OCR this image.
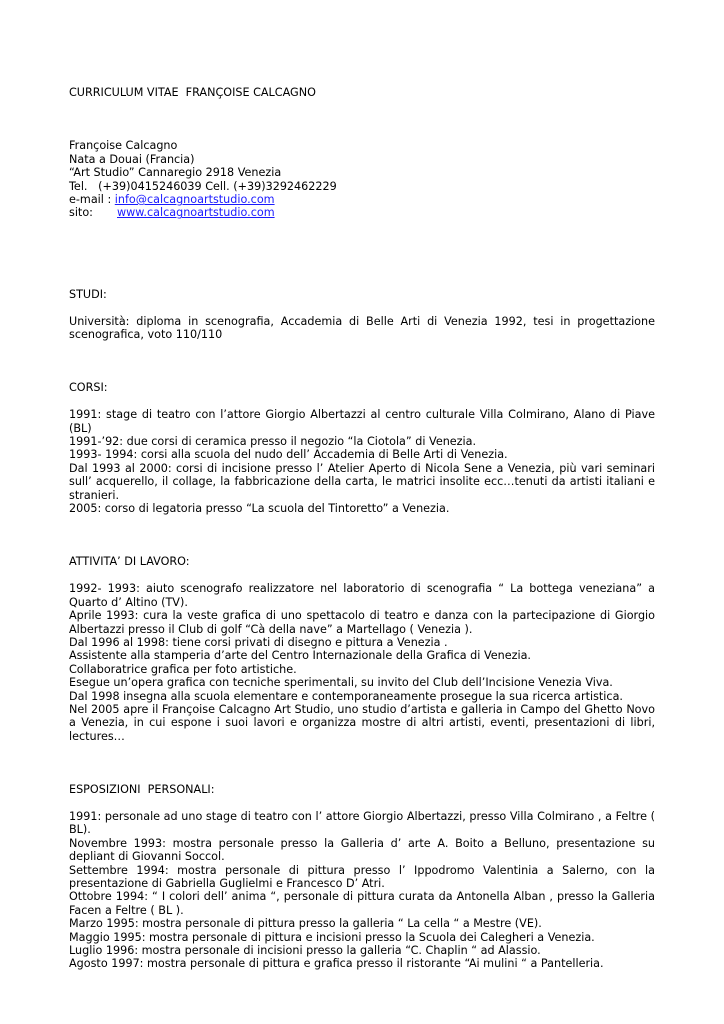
CURRICULUM VITAE  FRANÇOISE CALCAGNO
Françoise Calcagno
Nata a Douai (Francia)
“Art Studio” Cannaregio 2918 Venezia
Tel.   (+39)0415246039 Cell. (+39)3292462229
e-mail : info@calcagnoartstudio.com
sito: www.calcagnoartstudio.com
STUDI:

Università: diploma in scenografia, Accademia di Belle Arti di Venezia 1992, tesi in progettazione scenografica, voto 110/110

CORSI:

1991: stage di teatro con l’attore Giorgio Albertazzi al centro culturale Villa Colmirano, Alano di Piave (BL)

1991-’92: due corsi di ceramica presso il negozio “la Ciotola” di Venezia.

1993- 1994: corsi alla scuola del nudo dell’ Accademia di Belle Arti di Venezia.

Dal 1993 al 2000: corsi di incisione presso l’ Atelier Aperto di Nicola Sene a Venezia, più vari seminari sull’ acquerello, il collage, la fabbricazione della carta, le matrici insolite ecc…tenuti da artisti italiani e stranieri.

2005: corso di legatoria presso “La scuola del Tintoretto” a Venezia.

ATTIVITA’ DI LAVORO:

1992- 1993: aiuto scenografo realizzatore nel laboratorio di scenografia “ La bottega veneziana” a Quarto d’ Altino (TV).

Aprile 1993: cura la veste grafica di uno spettacolo di teatro e danza con la partecipazione di Giorgio Albertazzi presso il Club di golf “Cà della nave” a Martellago ( Venezia ).

Dal 1996 al 1998: tiene corsi privati di disegno e pittura a Venezia .

Assistente alla stamperia d’arte del Centro Internazionale della Grafica di Venezia.

Collaboratrice grafica per foto artistiche.

Esegue un’opera grafica con tecniche sperimentali, su invito del Club dell’Incisione Venezia Viva.

Dal 1998 insegna alla scuola elementare e contemporaneamente prosegue la sua ricerca artistica.

Nel 2005 apre il Françoise Calcagno Art Studio, uno studio d’artista e galleria in Campo del Ghetto Novo a Venezia, in cui espone i suoi lavori e organizza mostre di altri artisti, eventi, presentazioni di libri, lectures…

ESPOSIZIONI  PERSONALI:

1991: personale ad uno stage di teatro con l’ attore Giorgio Albertazzi, presso Villa Colmirano , a Feltre ( BL).

Novembre 1993: mostra personale presso la Galleria d’ arte A. Boito a Belluno, presentazione su depliant di Giovanni Soccol.

Settembre 1994: mostra personale di pittura presso l’ Ippodromo Valentinia a Salerno, con la presentazione di Gabriella Guglielmi e Francesco D’ Atri.

Ottobre 1994: “ I colori dell’ anima “, personale di pittura curata da Antonella Alban , presso la Galleria Facen a Feltre ( BL ).

Marzo 1995: mostra personale di pittura presso la galleria “ La cella “ a Mestre (VE).

Maggio 1995: mostra personale di pittura e incisioni presso la Scuola dei Calegheri a Venezia.

Luglio 1996: mostra personale di incisioni presso la galleria “C. Chaplin “ ad Alassio.

Agosto 1997: mostra personale di pittura e grafica presso il ristorante “Ai mulini “ a Pantelleria.
